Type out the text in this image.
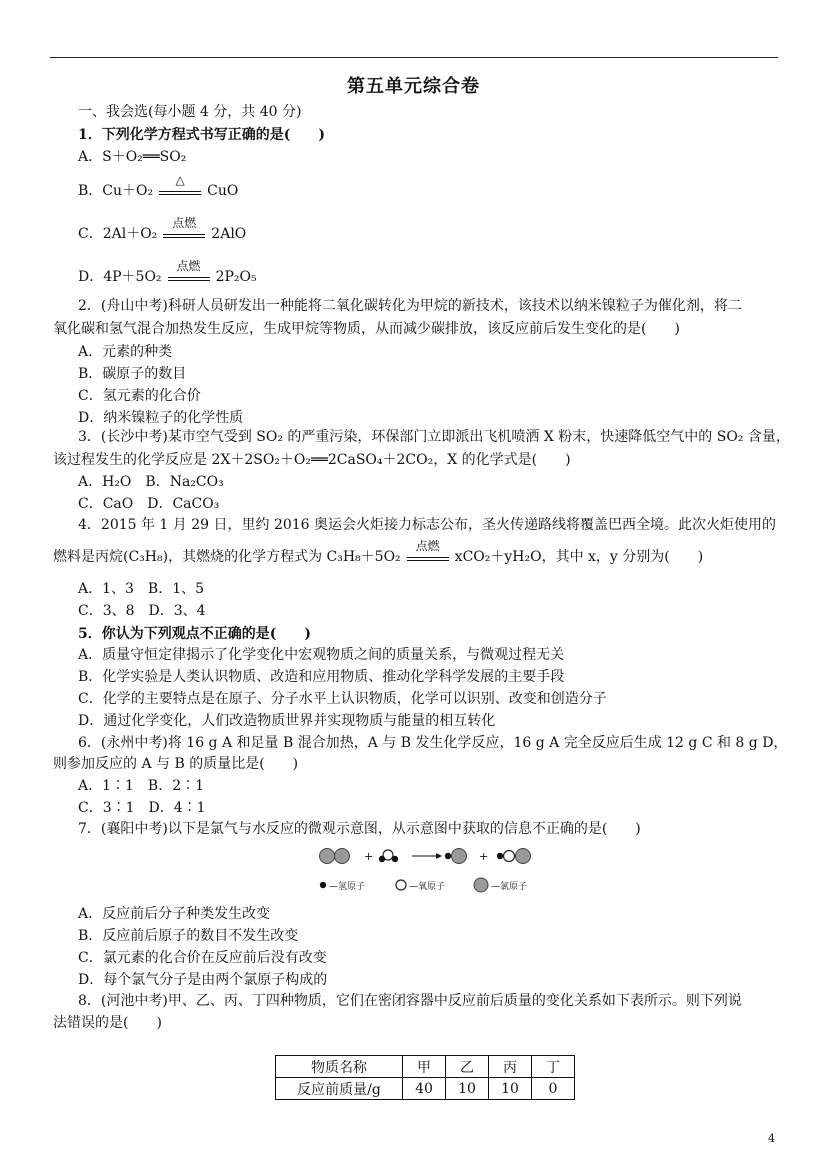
第五单元综合卷
一、我会选(每小题 4 分，共 40 分)
1．下列化学方程式书写正确的是(　　)
A．S＋O₂══SO₂
B．Cu＋O₂
△
CuO
C．2Al＋O₂
点燃
2AlO
D．4P＋5O₂
点燃
2P₂O₅
2．(舟山中考)科研人员研发出一种能将二氧化碳转化为甲烷的新技术，该技术以纳米镍粒子为催化剂，将二
氧化碳和氢气混合加热发生反应，生成甲烷等物质，从而减少碳排放，该反应前后发生变化的是(　　)
A．元素的种类
B．碳原子的数目
C．氢元素的化合价
D．纳米镍粒子的化学性质
3．(长沙中考)某市空气受到 SO₂ 的严重污染，环保部门立即派出飞机喷洒 X 粉末，快速降低空气中的 SO₂ 含量，
该过程发生的化学反应是 2X＋2SO₂＋O₂══2CaSO₄＋2CO₂，X 的化学式是(　　)
A．H₂O　B．Na₂CO₃
C．CaO　D．CaCO₃
4．2015 年 1 月 29 日，里约 2016 奥运会火炬接力标志公布，圣火传递路线将覆盖巴西全境。此次火炬使用的
燃料是丙烷(C₃H₈)，其燃烧的化学方程式为 C₃H₈＋5O₂
点燃
xCO₂＋yH₂O，其中 x，y 分别为(　　)
A．1、3　B．1、5
C．3、8　D．3、4
5．你认为下列观点不正确的是(　　)
A．质量守恒定律揭示了化学变化中宏观物质之间的质量关系，与微观过程无关
B．化学实验是人类认识物质、改造和应用物质、推动化学科学发展的主要手段
C．化学的主要特点是在原子、分子水平上认识物质，化学可以识别、改变和创造分子
D．通过化学变化，人们改造物质世界并实现物质与能量的相互转化
6．(永州中考)将 16 g A 和足量 B 混合加热，A 与 B 发生化学反应，16 g A 完全反应后生成 12 g C 和 8 g D，
则参加反应的 A 与 B 的质量比是(　　)
A．1∶1　B．2∶1
C．3∶1　D．4∶1
7．(襄阳中考)以下是氯气与水反应的微观示意图，从示意图中获取的信息不正确的是(　　)
+	+
—氢原子	—氧原子	—氯原子
A．反应前后分子种类发生改变
B．反应前后原子的数目不发生改变
C．氯元素的化合价在反应前后没有改变
D．每个氯气分子是由两个氯原子构成的
8．(河池中考)甲、乙、丙、丁四种物质，它们在密闭容器中反应前后质量的变化关系如下表所示。则下列说
法错误的是(　　)
物质名称	甲	乙	丙	丁
反应前质量/g	40	10	10	0
4
